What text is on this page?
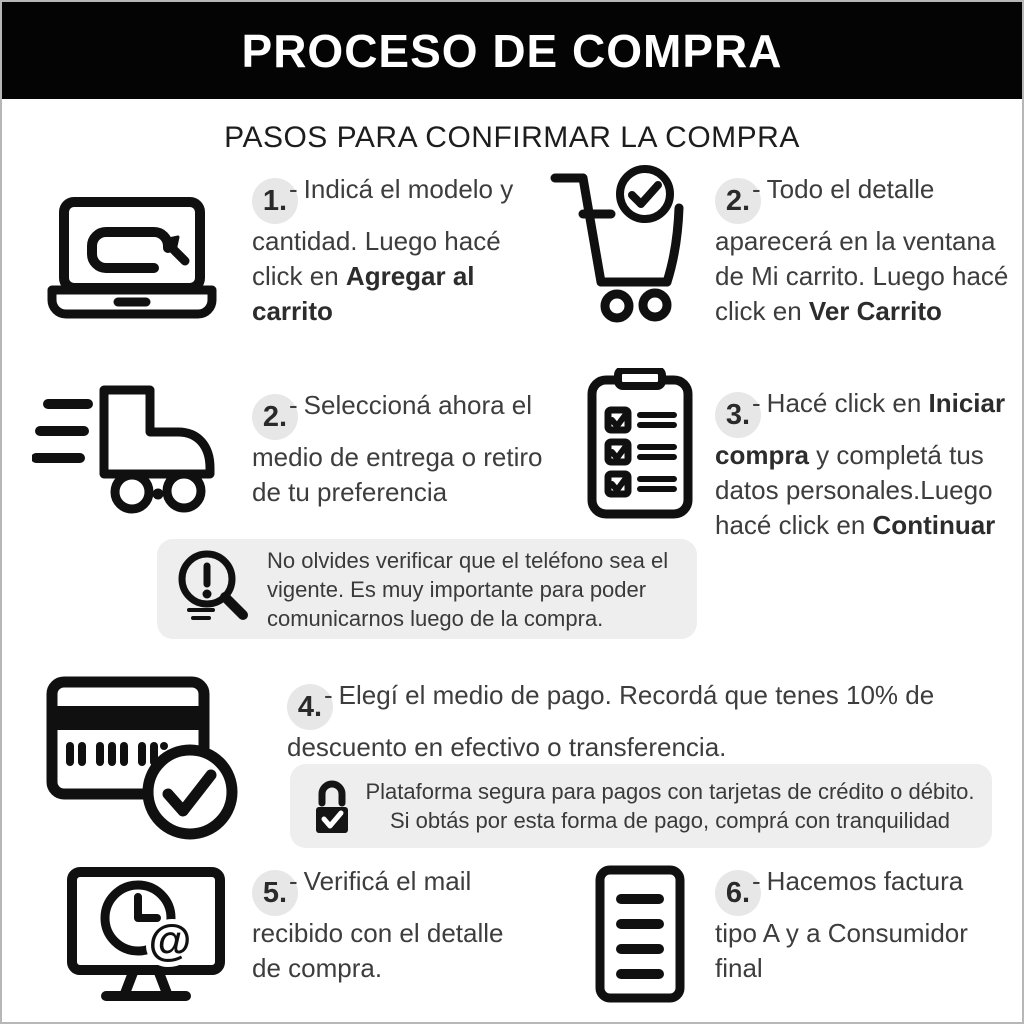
PROCESO DE COMPRA
PASOS PARA CONFIRMAR LA COMPRA
1.- Indicá el modelo y cantidad. Luego hacé click en Agregar al carrito
2.- Todo el detalle aparecerá en la ventana de Mi carrito. Luego hacé click en Ver Carrito
2.- Seleccioná ahora el medio de entrega o retiro de tu preferencia
3.- Hacé click en Iniciar compra y completá tus datos personales.Luego hacé click en Continuar

No olvides verificar que el teléfono sea el vigente. Es muy importante para poder comunicarnos luego de la compra.

4.- Elegí el medio de pago. Recordá que tenes 10% de descuento en efectivo o transferencia.
Plataforma segura para pagos con tarjetas de crédito o débito.
Si obtás por esta forma de pago, comprá con tranquilidad
@
5.- Verificá el mail recibido con el detalle de compra.
6.- Hacemos factura tipo A y a Consumidor final
